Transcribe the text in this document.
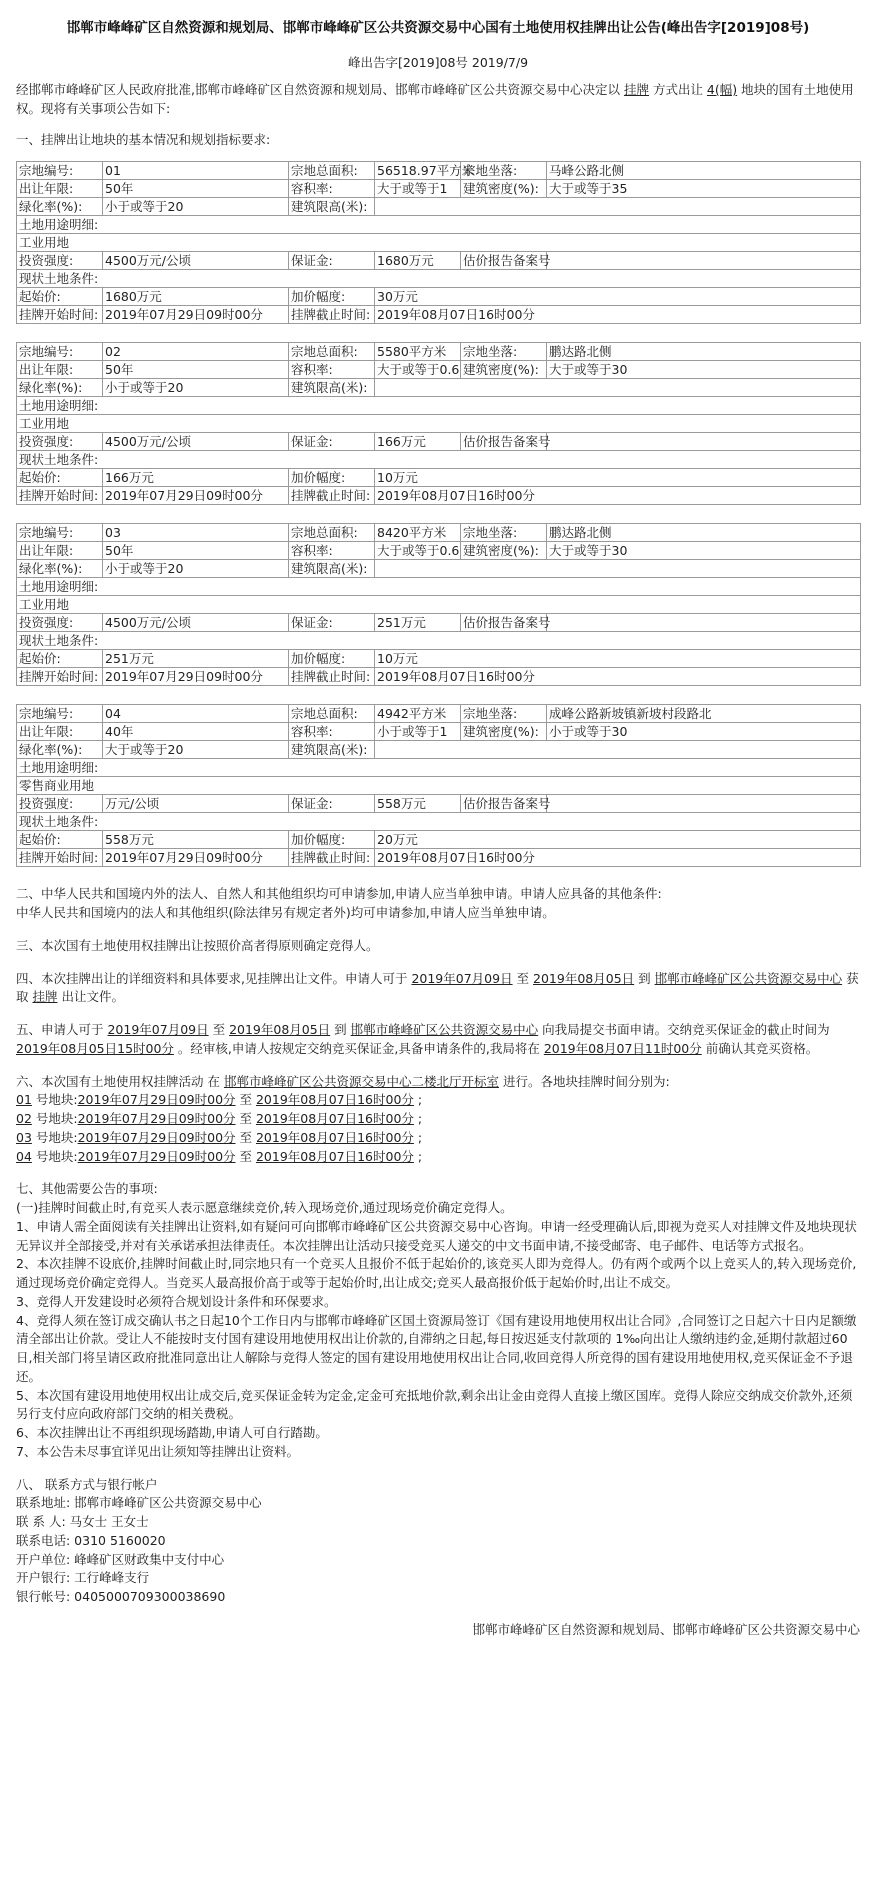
邯郸市峰峰矿区自然资源和规划局、邯郸市峰峰矿区公共资源交易中心国有土地使用权挂牌出让公告(峰出告字[2019]08号)
峰出告字[2019]08号 2019/7/9

经邯郸市峰峰矿区人民政府批准,邯郸市峰峰矿区自然资源和规划局、邯郸市峰峰矿区公共资源交易中心决定以 挂牌 方式出让 4(幅) 地块的国有土地使用权。现将有关事项公告如下:

一、挂牌出让地块的基本情况和规划指标要求:

宗地编号:	01	宗地总面积:	56518.97平方米	宗地坐落:	马峰公路北侧
出让年限:	50年	容积率:	大于或等于1	建筑密度(%):	大于或等于35
绿化率(%):	小于或等于20	建筑限高(米):			
土地用途明细:					
工业用地					
投资强度:	4500万元/公顷	保证金:	1680万元	估价报告备案号	
现状土地条件:					
起始价:	1680万元	加价幅度:	30万元		
挂牌开始时间:	2019年07月29日09时00分	挂牌截止时间:	2019年08月07日16时00分		
宗地编号:	02	宗地总面积:	5580平方米	宗地坐落:	鹏达路北侧
出让年限:	50年	容积率:	大于或等于0.6	建筑密度(%):	大于或等于30
绿化率(%):	小于或等于20	建筑限高(米):			
土地用途明细:					
工业用地					
投资强度:	4500万元/公顷	保证金:	166万元	估价报告备案号	
现状土地条件:					
起始价:	166万元	加价幅度:	10万元		
挂牌开始时间:	2019年07月29日09时00分	挂牌截止时间:	2019年08月07日16时00分		
宗地编号:	03	宗地总面积:	8420平方米	宗地坐落:	鹏达路北侧
出让年限:	50年	容积率:	大于或等于0.6	建筑密度(%):	大于或等于30
绿化率(%):	小于或等于20	建筑限高(米):			
土地用途明细:					
工业用地					
投资强度:	4500万元/公顷	保证金:	251万元	估价报告备案号	
现状土地条件:					
起始价:	251万元	加价幅度:	10万元		
挂牌开始时间:	2019年07月29日09时00分	挂牌截止时间:	2019年08月07日16时00分		
宗地编号:	04	宗地总面积:	4942平方米	宗地坐落:	成峰公路新坡镇新坡村段路北
出让年限:	40年	容积率:	小于或等于1	建筑密度(%):	小于或等于30
绿化率(%):	大于或等于20	建筑限高(米):			
土地用途明细:					
零售商业用地					
投资强度:	万元/公顷	保证金:	558万元	估价报告备案号	
现状土地条件:					
起始价:	558万元	加价幅度:	20万元		
挂牌开始时间:	2019年07月29日09时00分	挂牌截止时间:	2019年08月07日16时00分		

二、中华人民共和国境内外的法人、自然人和其他组织均可申请参加,申请人应当单独申请。申请人应具备的其他条件:

中华人民共和国境内的法人和其他组织(除法律另有规定者外)均可申请参加,申请人应当单独申请。

三、本次国有土地使用权挂牌出让按照价高者得原则确定竞得人。

四、本次挂牌出让的详细资料和具体要求,见挂牌出让文件。申请人可于 2019年07月09日 至 2019年08月05日 到 邯郸市峰峰矿区公共资源交易中心 获取 挂牌 出让文件。

五、申请人可于 2019年07月09日 至 2019年08月05日 到 邯郸市峰峰矿区公共资源交易中心 向我局提交书面申请。交纳竞买保证金的截止时间为2019年08月05日15时00分 。经审核,申请人按规定交纳竞买保证金,具备申请条件的,我局将在 2019年08月07日11时00分 前确认其竞买资格。

六、本次国有土地使用权挂牌活动 在 邯郸市峰峰矿区公共资源交易中心二楼北厅开标室 进行。各地块挂牌时间分别为:

01 号地块:2019年07月29日09时00分 至 2019年08月07日16时00分 ;

02 号地块:2019年07月29日09时00分 至 2019年08月07日16时00分 ;

03 号地块:2019年07月29日09时00分 至 2019年08月07日16时00分 ;

04 号地块:2019年07月29日09时00分 至 2019年08月07日16时00分 ;

七、其他需要公告的事项:

(一)挂牌时间截止时,有竞买人表示愿意继续竞价,转入现场竞价,通过现场竞价确定竞得人。

1、申请人需全面阅读有关挂牌出让资料,如有疑问可向邯郸市峰峰矿区公共资源交易中心咨询。申请一经受理确认后,即视为竞买人对挂牌文件及地块现状无异议并全部接受,并对有关承诺承担法律责任。本次挂牌出让活动只接受竞买人递交的中文书面申请,不接受邮寄、电子邮件、电话等方式报名。

2、本次挂牌不设底价,挂牌时间截止时,同宗地只有一个竞买人且报价不低于起始价的,该竞买人即为竞得人。仍有两个或两个以上竞买人的,转入现场竞价,通过现场竞价确定竞得人。当竞买人最高报价高于或等于起始价时,出让成交;竞买人最高报价低于起始价时,出让不成交。

3、竞得人开发建设时必须符合规划设计条件和环保要求。

4、竞得人须在签订成交确认书之日起10个工作日内与邯郸市峰峰矿区国土资源局签订《国有建设用地使用权出让合同》,合同签订之日起六十日内足额缴清全部出让价款。受让人不能按时支付国有建设用地使用权出让价款的,自滞纳之日起,每日按迟延支付款项的 1‰向出让人缴纳违约金,延期付款超过60日,相关部门将呈请区政府批准同意出让人解除与竞得人签定的国有建设用地使用权出让合同,收回竞得人所竞得的国有建设用地使用权,竞买保证金不予退还。

5、本次国有建设用地使用权出让成交后,竞买保证金转为定金,定金可充抵地价款,剩余出让金由竞得人直接上缴区国库。竞得人除应交纳成交价款外,还须另行支付应向政府部门交纳的相关费税。

6、本次挂牌出让不再组织现场踏勘,申请人可自行踏勘。

7、本公告未尽事宜详见出让须知等挂牌出让资料。

八、 联系方式与银行帐户

联系地址: 邯郸市峰峰矿区公共资源交易中心

联 系 人: 马女士 王女士

联系电话: 0310 5160020

开户单位: 峰峰矿区财政集中支付中心

开户银行: 工行峰峰支行

银行帐号: 0405000709300038690

邯郸市峰峰矿区自然资源和规划局、邯郸市峰峰矿区公共资源交易中心
